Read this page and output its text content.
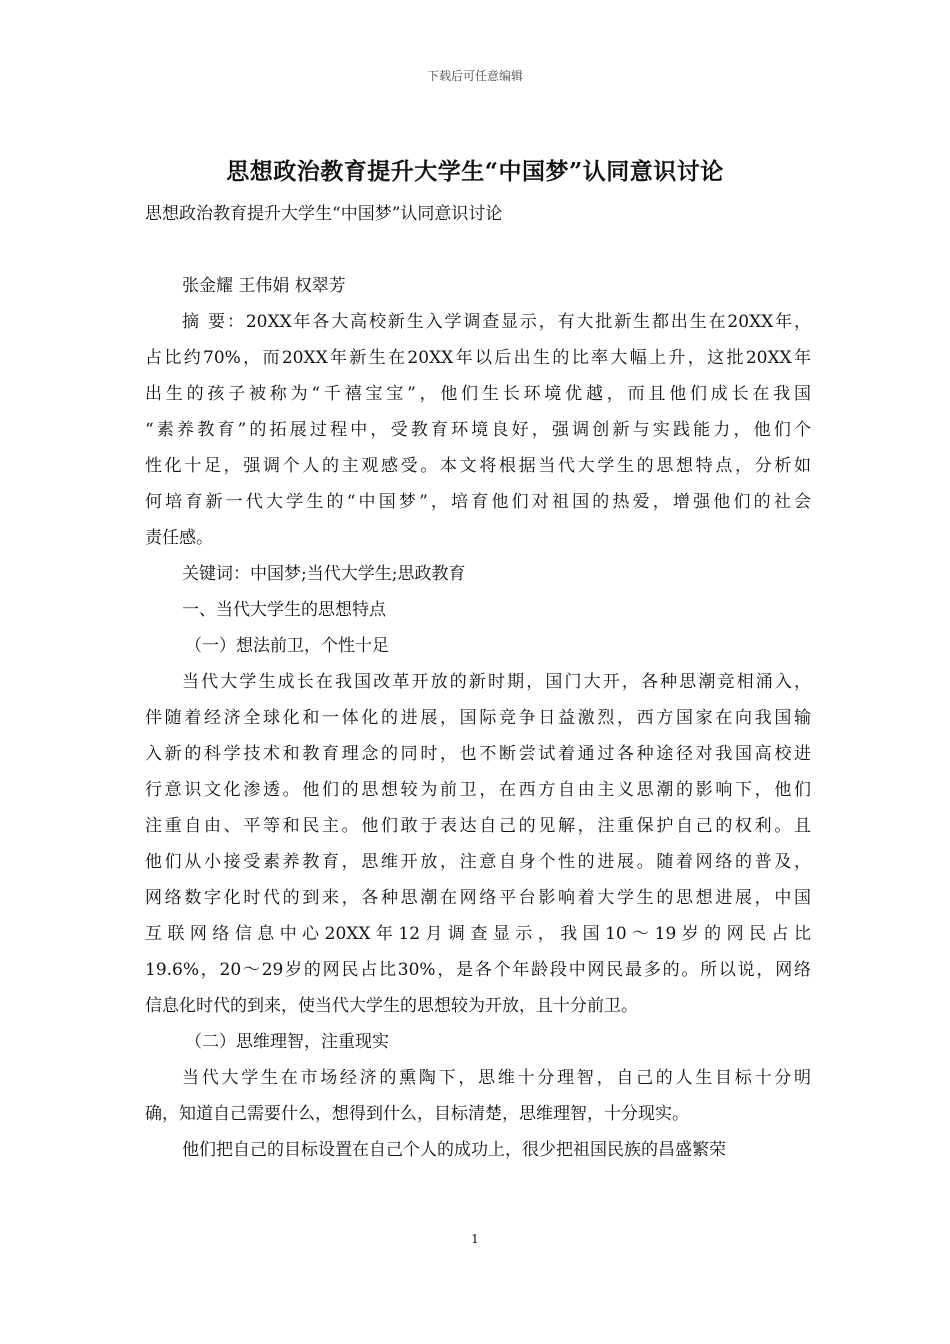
下载后可任意编辑
思想政治教育提升大学生“中国梦”认同意识讨论
思想政治教育提升大学生“中国梦”认同意识讨论
张金耀 王伟娟 权翠芳
摘 要：20XX年各大高校新生入学调查显示，有大批新生都出生在20XX年，
占比约70%，而20XX年新生在20XX年以后出生的比率大幅上升，这批20XX年
出生的孩子被称为“千禧宝宝”，他们生长环境优越，而且他们成长在我国
“素养教育”的拓展过程中，受教育环境良好，强调创新与实践能力，他们个
性化十足，强调个人的主观感受。本文将根据当代大学生的思想特点，分析如
何培育新一代大学生的“中国梦”，培育他们对祖国的热爱，增强他们的社会
责任感。
关键词：中国梦;当代大学生;思政教育
一、当代大学生的思想特点
（一）想法前卫，个性十足
当代大学生成长在我国改革开放的新时期，国门大开，各种思潮竞相涌入，
伴随着经济全球化和一体化的进展，国际竞争日益激烈，西方国家在向我国输
入新的科学技术和教育理念的同时，也不断尝试着通过各种途径对我国高校进
行意识文化渗透。他们的思想较为前卫，在西方自由主义思潮的影响下，他们
注重自由、平等和民主。他们敢于表达自己的见解，注重保护自己的权利。且
他们从小接受素养教育，思维开放，注意自身个性的进展。随着网络的普及，
网络数字化时代的到来，各种思潮在网络平台影响着大学生的思想进展，中国
互联网络信息中心20XX年12月调查显示，我国10～19岁的网民占比
19.6%，20～29岁的网民占比30%，是各个年龄段中网民最多的。所以说，网络
信息化时代的到来，使当代大学生的思想较为开放，且十分前卫。
（二）思维理智，注重现实
当代大学生在市场经济的熏陶下，思维十分理智，自己的人生目标十分明
确，知道自己需要什么，想得到什么，目标清楚，思维理智，十分现实。
他们把自己的目标设置在自己个人的成功上，很少把祖国民族的昌盛繁荣
1
